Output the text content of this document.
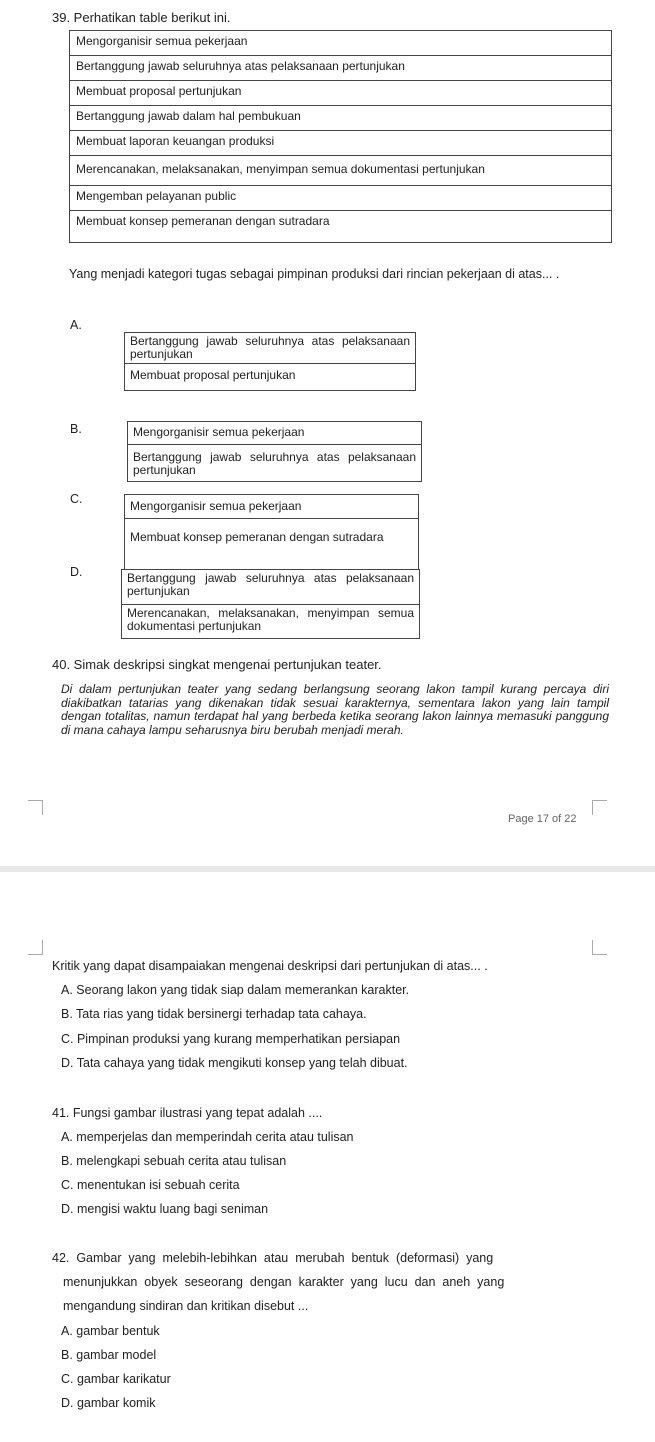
39. Perhatikan table berikut ini.
Mengorganisir semua pekerjaan
Bertanggung jawab seluruhnya atas pelaksanaan pertunjukan
Membuat proposal pertunjukan
Bertanggung jawab dalam hal pembukuan
Membuat laporan keuangan produksi
Merencanakan, melaksanakan, menyimpan semua dokumentasi pertunjukan
Mengemban pelayanan public
Membuat konsep pemeranan dengan sutradara
Yang menjadi kategori tugas sebagai pimpinan produksi dari rincian pekerjaan di atas... .
A.
Bertanggung jawab seluruhnya atas pelaksanaan pertunjukan
Membuat proposal pertunjukan
B.	Mengorganisir semua pekerjaan
Bertanggung jawab seluruhnya atas pelaksanaan pertunjukan
C.	Mengorganisir semua pekerjaan
Membuat konsep pemeranan dengan sutradara
D.	Bertanggung jawab seluruhnya atas pelaksanaan pertunjukan
Merencanakan, melaksanakan, menyimpan semua dokumentasi pertunjukan
40. Simak deskripsi singkat mengenai pertunjukan teater.
Di dalam pertunjukan teater yang sedang berlangsung seorang lakon tampil kurang percaya diri diakibatkan tatarias yang dikenakan tidak sesuai karakternya, sementara lakon yang lain tampil dengan totalitas, namun terdapat hal yang berbeda ketika seorang lakon lainnya memasuki panggung di mana cahaya lampu seharusnya biru berubah menjadi merah.
Page 17 of 22
Kritik yang dapat disampaiakan mengenai deskripsi dari pertunjukan di atas... .
A. Seorang lakon yang tidak siap dalam memerankan karakter.
B. Tata rias yang tidak bersinergi terhadap tata cahaya.
C. Pimpinan produksi yang kurang memperhatikan persiapan
D. Tata cahaya yang tidak mengikuti konsep yang telah dibuat.
41. Fungsi gambar ilustrasi yang tepat adalah ....
A. memperjelas dan memperindah cerita atau tulisan
B. melengkapi sebuah cerita atau tulisan
C. menentukan isi sebuah cerita
D. mengisi waktu luang bagi seniman
42.  Gambar  yang  melebih-lebihkan  atau  merubah  bentuk  (deformasi)  yang
menunjukkan  obyek  seseorang  dengan  karakter  yang  lucu  dan  aneh  yang
mengandung sindiran dan kritikan disebut ...
A. gambar bentuk
B. gambar model
C. gambar karikatur
D. gambar komik
